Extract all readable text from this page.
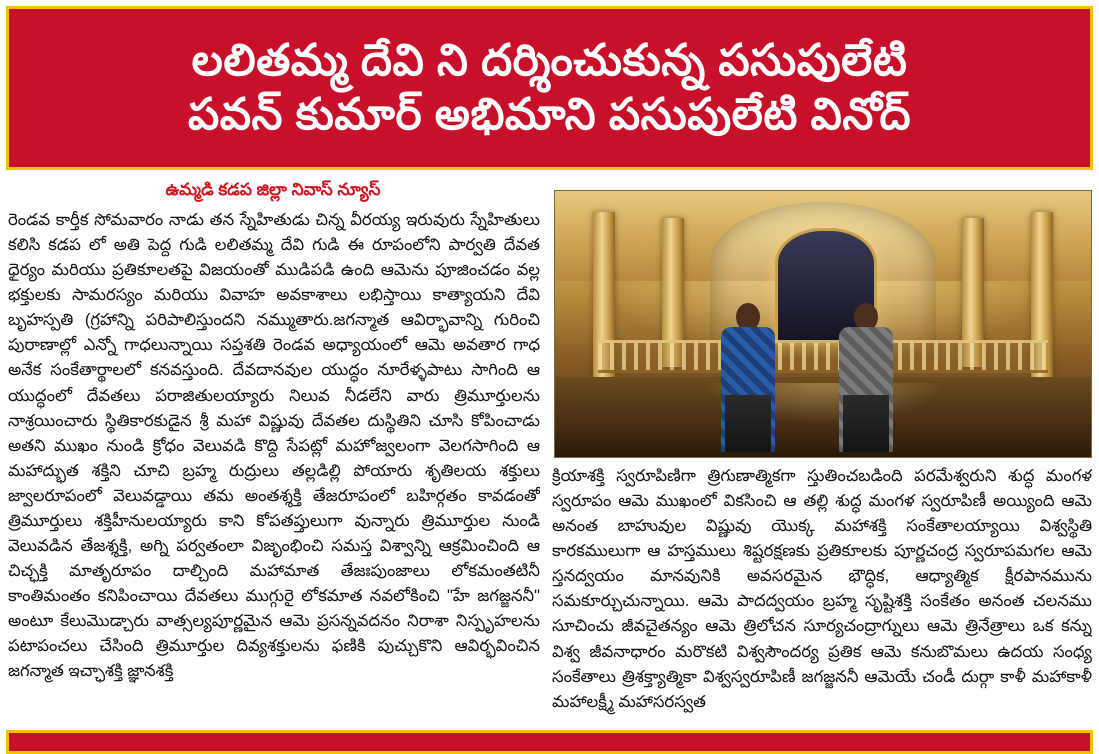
లలితమ్మ దేవి ని దర్శించుకున్న పసుపులేటి
పవన్ కుమార్ అభిమాని పసుపులేటి వినోద్
ఉమ్మడి కడప జిల్లా నివాస్ న్యూస్
రెండవ కార్తీక సోమవారం నాడు తన స్నేహితుడు చిన్న వీరయ్య ఇరువురు స్నేహితులు కలిసి కడప లో అతి పెద్ద గుడి లలితమ్మ దేవి గుడి ఈ రూపంలోని పార్వతి దేవత ధైర్యం మరియు ప్రతికూలతపై విజయంతో ముడిపడి ఉంది ఆమెను పూజించడం వల్ల భక్తులకు సామరస్యం మరియు వివాహ అవకాశాలు లభిస్తాయి కాత్యాయని దేవి బృహస్పతి (గ్రహాన్ని పరిపాలిస్తుందని నమ్ముతారు.జగన్మాత ఆవిర్భావాన్ని గురించి పురాణాల్లో ఎన్నో గాధలున్నాయి సప్తశతి రెండవ అధ్యాయంలో ఆమె అవతార గాధ అనేక సంకేతార్థాలలో కనవస్తుంది. దేవదానవుల యుద్ధం నూరేళ్ళపాటు సాగింది ఆ యుద్ధంలో దేవతలు పరాజితులయ్యారు నిలువ నీడలేని వారు త్రిమూర్తులను నాశ్రయించారు స్థితికారకుడైన శ్రీ మహా విష్ణువు దేవతల దుస్థితిని చూసి కోపించాడు అతని ముఖం నుండి క్రోధం వెలువడి కొద్ది సేపట్లో మహోజ్వలంగా వెలగసాగింది ఆ మహాద్భుత శక్తిని చూచి బ్రహ్మ రుద్రులు తల్లడిల్లి పోయారు శృతిలయ శక్తులు జ్వాలరూపంలో వెలువడ్డాయి తమ అంతశ్శక్తి తేజరూపంలో బహిర్గతం కావడంతో త్రిమూర్తులు శక్తిహీనులయ్యారు కాని కోపతప్తులుగా వున్నారు త్రిమూర్తుల నుండి వెలువడిన తేజశ్శక్తి, అగ్ని పర్వతంలా విజృంభించి సమస్త విశ్వాన్ని ఆక్రమించింది ఆ చిచ్ఛక్తి మాతృరూపం దాల్చింది మహామాత తేజఃపుంజాలు లోకమంతటినీ కాంతిమంతం కనిపించాయి దేవతలు ముగ్గురై లోకమాత నవలోకించి "హే జగజ్జననీ" అంటూ కేలుమొడ్చారు వాత్సల్యపూర్ణమైన ఆమె ప్రసన్నవదనం నిరాశా నిస్పృహలను పటాపంచలు చేసింది త్రిమూర్తుల దివ్యశక్తులను ఫణికి పుచ్చుకొని ఆవిర్భవించిన జగన్మాత ఇచ్ఛాశక్తి జ్ఞానశక్తి
క్రియాశక్తి స్వరూపిణిగా త్రిగుణాత్మికగా స్తుతించబడింది పరమేశ్వరుని శుద్ధ మంగళ స్వరూపం ఆమె ముఖంలో వికసించి ఆ తల్లి శుద్ధ మంగళ స్వరూపిణీ అయ్యింది ఆమె అనంత బాహువుల విష్ణువు యొక్క మహాశక్తి సంకేతాలయ్యాయి విశ్వస్థితి కారకములుగా ఆ హస్తములు శిష్టరక్షణకు ప్రతికూలకు పూర్ణచంద్ర స్వరూపమగల ఆమె స్తనద్వయం మానవునికి అవసరమైన భౌద్ధిక, ఆధ్యాత్మిక క్షీరపానమును సమకూర్చుచున్నాయి. ఆమె పాదద్వయం బ్రహ్మ సృష్టిశక్తి సంకేతం అనంత చలనము సూచించు జీవచైతన్యం ఆమె త్రిలోచన సూర్యచంద్రాగ్నులు ఆమె త్రినేత్రాలు ఒక కన్ను విశ్వ జీవనాధారం మరొకటి విశ్వసౌందర్య ప్రతిక ఆమె కనుబొమలు ఉదయ సంధ్య సంకేతాలు త్రిశక్త్యాత్మికా విశ్వస్వరూపిణీ జగజ్జననీ ఆమెయే చండీ దుర్గా కాళీ మహాకాళీ మహాలక్ష్మీ మహాసరస్వత
